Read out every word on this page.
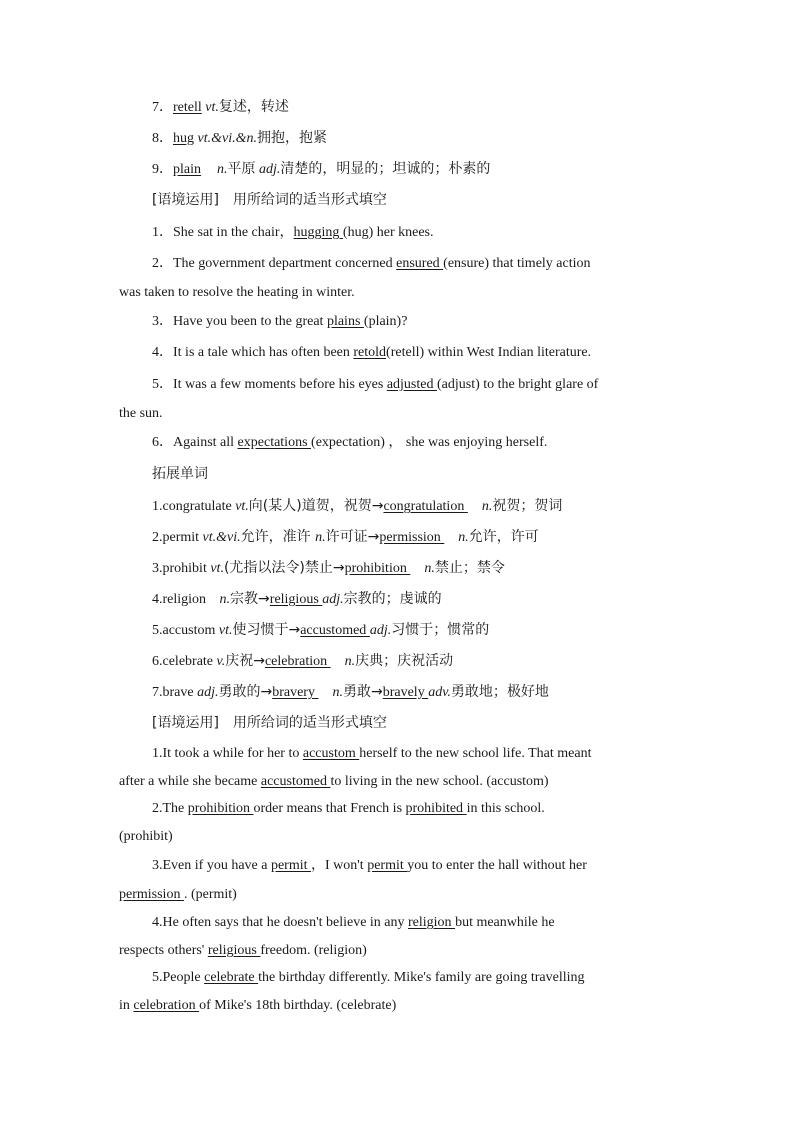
7．retell vt.复述，转述
8．hug vt.&vi.&n.拥抱，抱紧
9．plain n.平原 adj.清楚的，明显的；坦诚的；朴素的
[语境运用]　用所给词的适当形式填空
1．She sat in the chair，hugging (hug) her knees.
2．The government department concerned ensured (ensure) that timely action
was taken to resolve the heating in winter.
3．Have you been to the great plains (plain)?
4．It is a tale which has often been retold(retell) within West Indian literature.
5．It was a few moments before his eyes adjusted (adjust) to the bright glare of
the sun.
6．Against all expectations (expectation) ， she was enjoying herself.
拓展单词
1.congratulate vt.向(某人)道贺，祝贺→congratulation n.祝贺；贺词
2.permit vt.&vi.允许，准许 n.许可证→permission n.允许，许可
3.prohibit vt.(尤指以法令)禁止→prohibition n.禁止；禁令
4.religion n.宗教→religious adj.宗教的；虔诚的
5.accustom vt.使习惯于→accustomed adj.习惯于；惯常的
6.celebrate v.庆祝→celebration n.庆典；庆祝活动
7.brave adj.勇敢的→bravery n.勇敢→bravely adv.勇敢地；极好地
[语境运用]　用所给词的适当形式填空
1.It took a while for her to accustom herself to the new school life. That meant
after a while she became accustomed to living in the new school. (accustom)
2.The prohibition order means that French is prohibited in this school.
(prohibit)
3.Even if you have a permit ，I won't permit you to enter the hall without her
permission . (permit)
4.He often says that he doesn't believe in any religion but meanwhile he
respects others' religious freedom. (religion)
5.People celebrate the birthday differently. Mike's family are going travelling
in celebration of Mike's 18th birthday. (celebrate)
